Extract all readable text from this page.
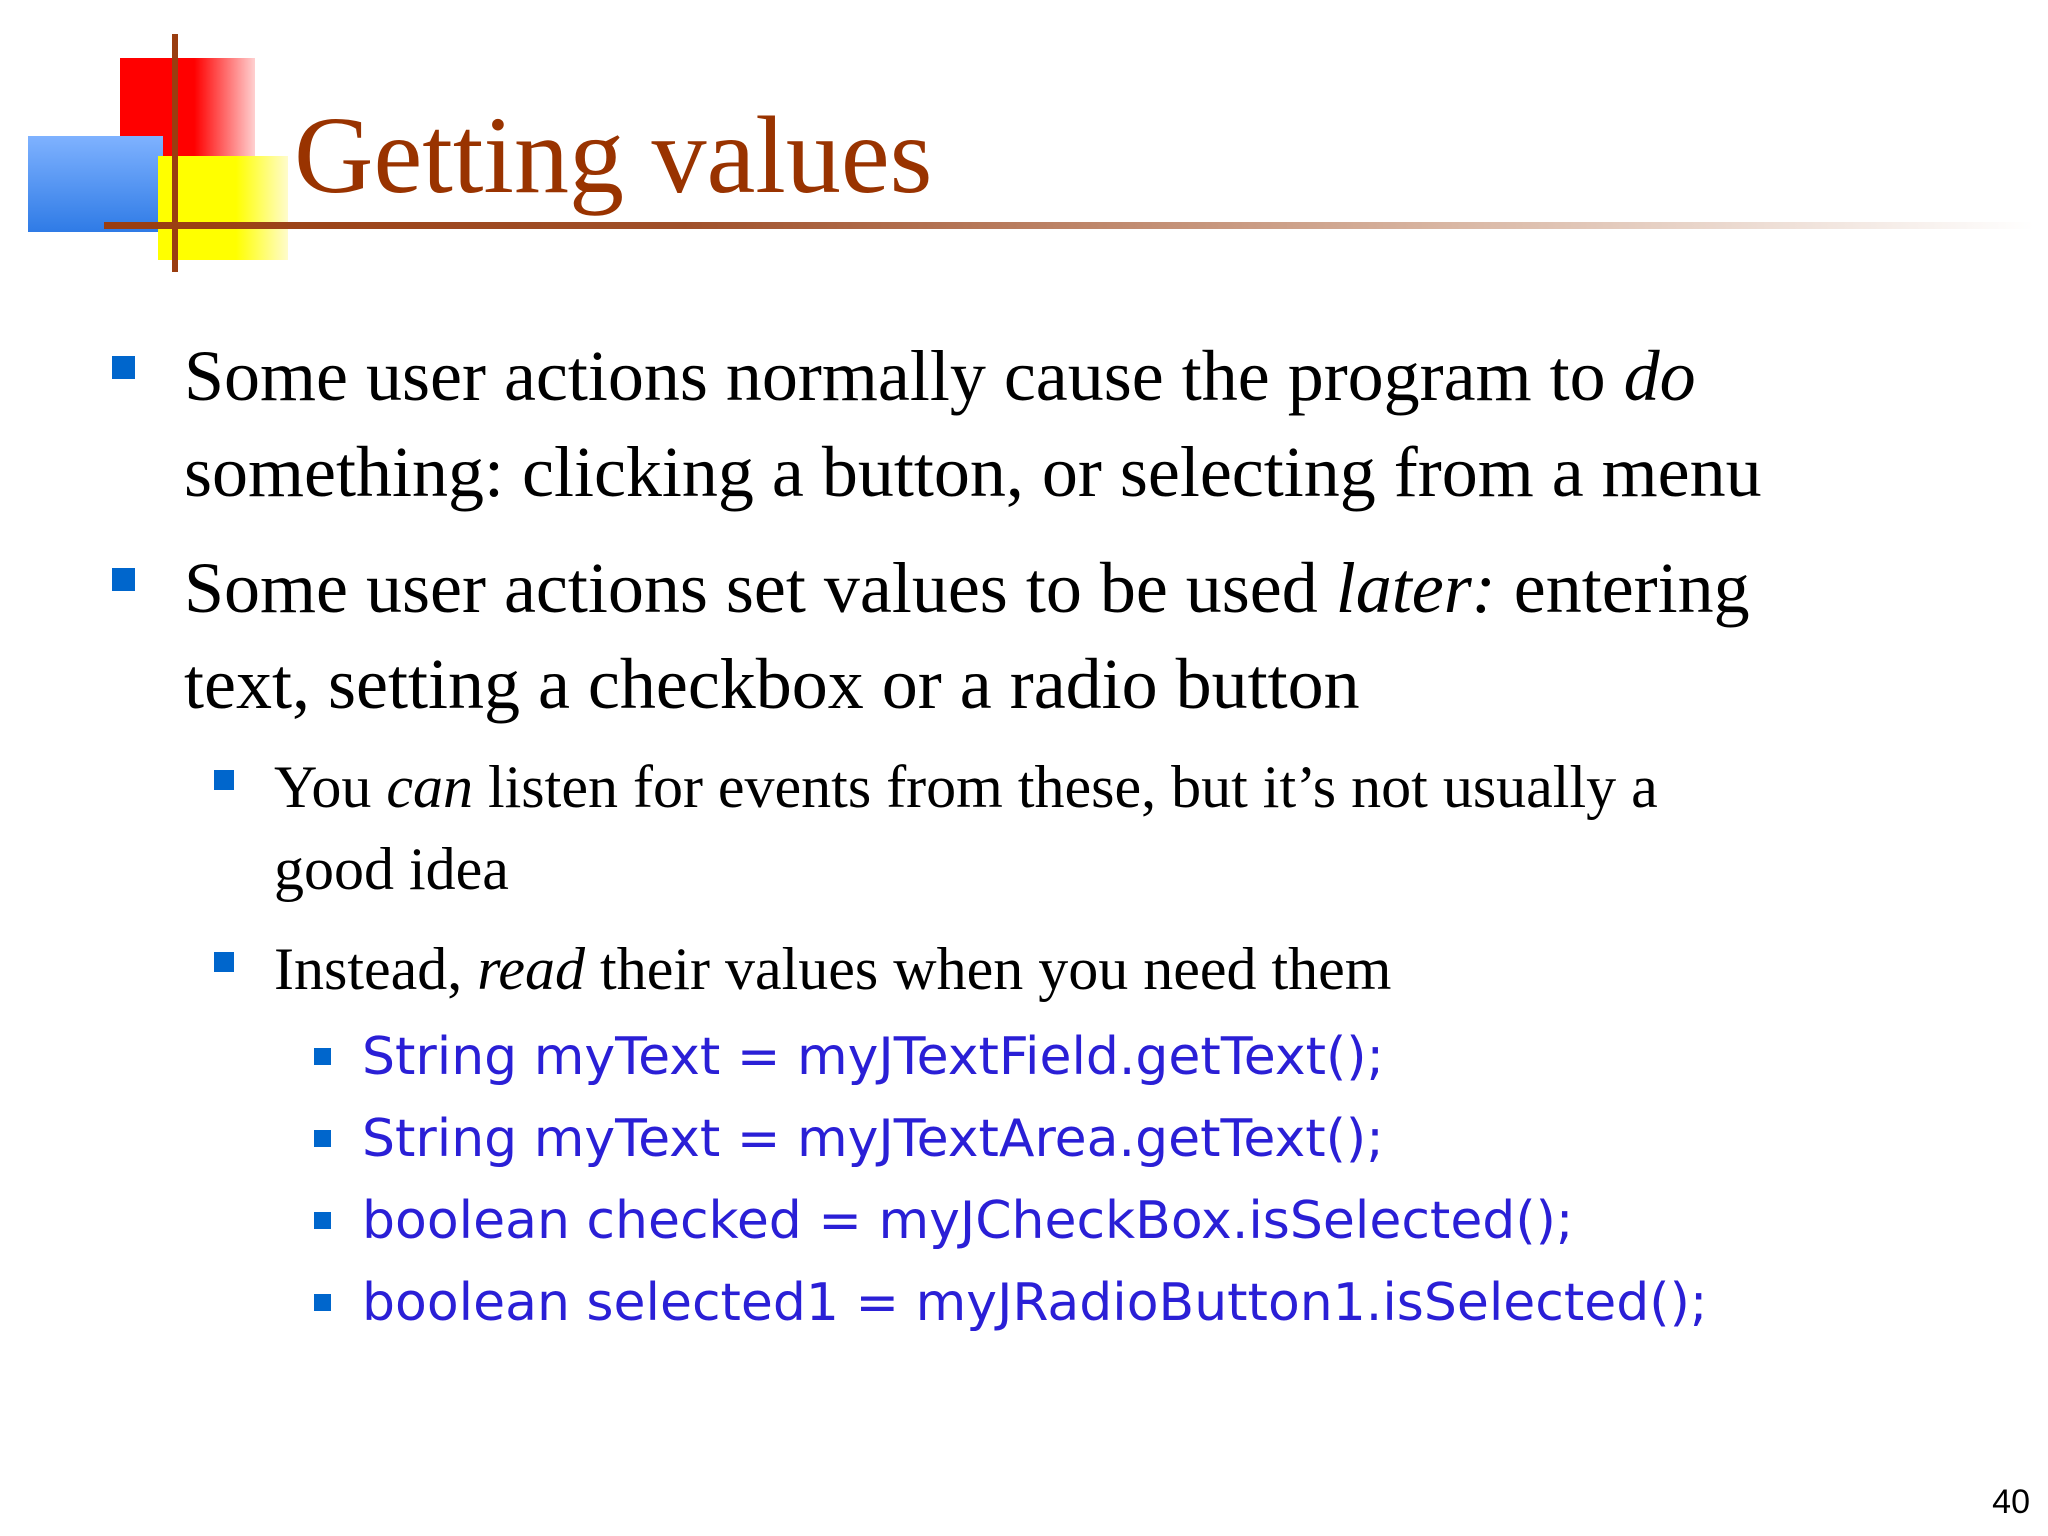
Getting values
Some user actions normally cause the program to do
something: clicking a button, or selecting from a menu
Some user actions set values to be used later: entering
text, setting a checkbox or a radio button
You can listen for events from these, but it’s not usually a
good idea
Instead, read their values when you need them
String myText = myJTextField.getText();
String myText = myJTextArea.getText();
boolean checked = myJCheckBox.isSelected();
boolean selected1 = myJRadioButton1.isSelected();
40
